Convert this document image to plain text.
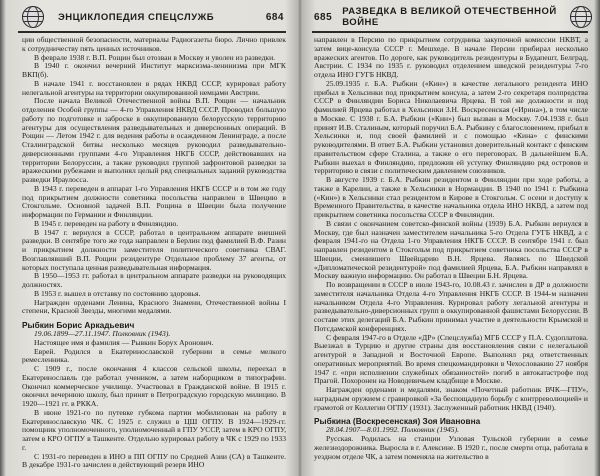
ЭНЦИКЛОПЕДИЯ СПЕЦСЛУЖБ	684

ции общественной безопасности, материалы Радиогазеты бюро. Лично привлек к сотрудничеству пять ценных источников.

В феврале 1938 г. В.П. Рощин был отозван в Москву и уволен из разведки.

В 1940 г. окончил вечерний Институт марксизма-ленинизма при МГК ВКП(б).

В начале 1941 г. восстановлен в рядах НКВД СССР, курировал работу нелегальной агентуры на территории оккупированной немцами Австрии.

После начала Великой Отечественной войны В.П. Рощин — начальник отделения Особой группы — 4-го Управления НКВД СССР. Проводил большую работу по подготовке и заброске в оккупированную белорусскую территорию агентуры для осуществления разведывательных и диверсионных операций. В Рощин — Летом 1942 г. для ведения работы в осажденном Ленинграде, а после Сталинградской битвы несколько месяцев руководил разведывательно-диверсионными группами 4-го Управления НКГБ СССР, действовавших на территории Белоруссии, а также руководил группой зафронтовой разведки за вражескими рубежами и выполнял целый ряд специальных заданий руководства разведки Ираулосса.

В 1943 г. переведен в аппарат 1-го Управления НКГБ СССР и в том же году под прикрытием должности советника посольства направлен в Швецию в Стокгольме. Основной задачей В.П. Рощина в Швеции была получение информации по Германии и Финляндии.

В 1945 г. переведен на работу в Финляндию.

В 1947 г. вернулся в СССР, работал в центральном аппарате внешней разведки. В сентябре того же года направлен в Берлин под фамилией В.Ф. Разин и прикрытием должности заместителя политического советника СВАГ. Возглавлявший В.П. Рощин резидентуре Отдельное проблему 37 агенты, от которых поступала ценная разведывательная информация.

В 1950—1953 гг. работал в центральном аппарате разведки на руководящих должностях.

В 1953 г. вышел в отставку по состоянию здоровья.

Награжден орденами Ленина, Красного Знамени, Отечественной войны I степени, Красной Звезды, многими медалями.

Рыбкин Борис Аркадьевич

19.06.1899—27.11.1947. Полковник (1943).

Настоящее имя и фамилия — Рывкин Борух Аронович.

Еврей. Родился в Екатеринославской губернии в семье мелкого ремесленника.

С 1909 г., после окончания 4 классов сельской школы, переехал в Екатеринославль где работал учеником, а затем наборщиком в типографии. Окончил коммерческое училище. Участвовал в Гражданской войне. В 1915 г. окончил вечернюю школу, был принят в Петроградскую городскую милицию. В 1920—1921 гг. в РККА.

В июне 1921-го по путевке губкома партии мобилизован на работу в Екатеринославскую ЧК. С 1925 г. служил в ЦШ ОГПУ. В 1924—1929-гг. помощник уполномоченного, уполномоченный в ГПУ УССР, затем в КРО ОГПУ, затем в КРО ОГПУ в Ташкенте. Отдельно курировал работу в ЧК с 1929 по 1933 г.

С 1931-го переведен в ИНО в ПП ОГПУ по Средней Азии (СА) в Ташкенте. В декабре 1931-го зачислен в действующий резерв ИНО

685 РАЗВЕДКА В ВЕЛИКОЙ ОТЕЧЕСТВЕННОЙ ВОЙНЕ

направлен в Персию по прикрытием сотрудника закупочной комиссии НКВТ, а затем вице-консула СССР г. Мешхеде. В начале Персии прибирал несколько вражеских агентов. По дороге, как руководитель резидентуры в Будапешт, Белград, Австрии. С 1934 по 1935 г. руководил отделением шведской резидентуры 7-го отдела ИНО ГУГБ НКВД.

25.09.1935 г. Б.А. Рыбкин («Кин») в качестве легального резидента ИНО прибыл в Хельсинки под прикрытием консула, а затем 2-го секретаря полпредства СССР в Финляндии Бориса Николаевича Ярцева. В той же должности и под фамилией Ярцева работал в Хельсинки З.Н. Воскресенская («Ирина»), в том числе в Москве. С 1938 г. Б.А. Рыбкин («Кин») был вызван в Москву. 7.04.1938 г. был принят И.В. Сталиным, который поручил Б.А. Рыбкину с благословением, прибыл в Хельсинки и, под своей фамилией и с помощью «Кина» с финскими руководителями. В ответ Б.А. Рыбкин установил доверительный контакт с финским правительством сфере Сталина, а также о его переговорах. В дальнейшем Б.А. Рыбкин выехал в Финляндию, предложив ей уступку Финляндию ряд островов и территорию в связи с политическим давлением союзников.

В августе 1939 г. Б.А. Рыбкин резидентом в Финляндии при ходе работы, а также в Карелии, а также в Хельсинки в Нормандии. В 1940 по 1941 г. Рыбкина («Кин») в Хельсинки стал резидентом в Кирове в Стокгольм. С осени и доступу к Временного Правительства, в качестве начальника отдела ИНО НКВД, а затем под прикрытием советника посольства СССР в Финляндии.

В связи с окончанием советско-финской войны (1939) Б.А. Рыбкин вернулся в Москву, где был назначен заместителем начальника 5-го Отдела ГУГБ НКВД, а с февраля 1941-го на Отдела 1-го Управления НКГБ СССР. В сентябре 1941 г. был направлен резидентом в Стокгольм под прикрытием советника посольства СССР в Швеции, сменившего Швейцарию В.Н. Ярцева. Являясь по Шведской «Дипломатической резидентурой» под фамилией Ярцева, Б.А. Рыбкин направлял в Москву важную информацию. Он работал в Швеции Б.Н. Ярцева.

По возвращении в СССР в июле 1943-го, 10.08.43 г. зачислен в ДР в должности заместителя начальника Отдела 4-го Управления НКГБ СССР. В 1944-м назначен начальником Отдела 4-го Управления. Курировал работу легальной агентуры и разведывательно-диверсионных групп в оккупированной фашистами Белоруссии. В составе этих делегаций Б.А. Рыбкин принимал участие в деятельности Крымской и Потсдамской конференциях.

С февраля 1947-го в Отделе «ДР» (Спецслужба) МГБ СССР у П.А. Судоплатова. Выезжал в Турцию и другие страны для восстановления связи с нелегальной агентурой в Западной и Восточной Европе. Выполнял ряд ответственных оперативных мероприятий. Во время спецкомандировки в Чехословакию 27 ноября 1947 г. «при исполнении служебных обязанностей» погиб в автокатастрофе под Прагой. Похоронен на Новодевичьем кладбище в Москве.

Награжден орденами и медалями, знаком «Почетный работник ВЧК—ГПУ», наградным оружием с гравировкой «За беспощадную борьбу с контрреволюцией» и грамотой от Коллегии ОГПУ (1931). Заслуженный работник НКВД (1940).

Рыбкина (Воскресенская) Зоя Ивановна

28.04.1907—8.01.1992. Полковник (1945).

Русская. Родилась на станции Узловая Тульской губернии в семье железнодорожника. Выросла в г. Алексине. В 1920 г., после смерти отца, работала в уездном отделе ЧК, а затем поменяла на жительство в
